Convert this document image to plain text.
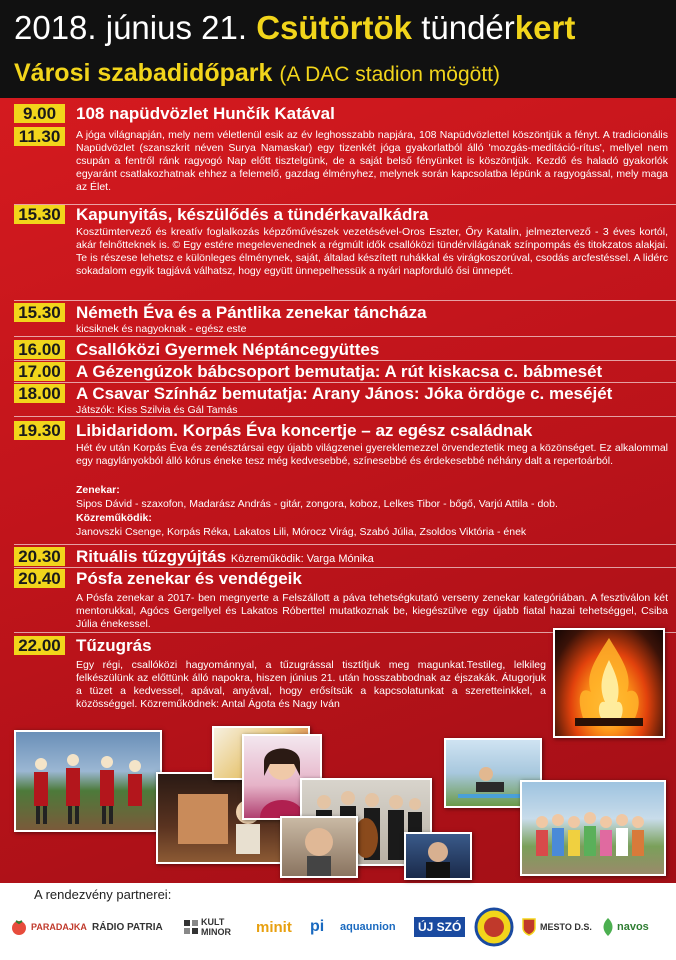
2018. június 21. Csütörtök tündérkert
Városi szabadidőpark (A DAC stadion mögött)
9.00	108 napüdvözlet Hunčík Katával
11.30	A jóga világnapján, mely nem véletlenül esik az év leghosszabb napjára, 108 Napüdvözlettel köszöntjük a fényt. A tradicionális Napüdvözlet (szanszkrit néven Surya Namaskar) egy tizenkét jóga gyakorlatból álló 'mozgás-meditáció-rítus', mellyel nem csupán a fentről ránk ragyogó Nap előtt tisztelgünk, de a saját belső fényünket is köszöntjük. Kezdő és haladó gyakorlók egyaránt csatlakozhatnak ehhez a felemelő, gazdag élményhez, melynek során kapcsolatba lépünk a ragyogással, mely maga az Élet.
15.30 Kapunyitás, készülődés a tündérkavalkádra
Kosztümtervező és kreatív foglalkozás képzőművészek vezetésével-Oros Eszter, Őry Katalin, jelmeztervező - 3 éves kortól, akár felnőtteknek is. © Egy estére megelevenednek a régmúlt idők csallóközi tündérvilágának színpompás és titokzatos alakjai. Te is részese lehetsz e különleges élménynek, saját, általad készített ruhákkal és virágkoszorúval, csodás arcfestéssel. A lidérc sokadalom egyik tagjává válhatsz, hogy együtt ünnepelhessük a nyári napforduló ősi ünnepét.
15.30 Németh Éva és a Pántlika zenekar táncháza
kicsiknek és nagyoknak - egész este
16.00 Csallóközi Gyermek Néptáncegyüttes
17.00 A Gézengúzok bábcsoport bemutatja: A rút kiskacsa c. bábmesét
18.00 A Csavar Színház bemutatja: Arany János: Jóka ördöge c. meséjét
Játszók: Kiss Szilvia és Gál Tamás
19.30 Libidaridom. Korpás Éva koncertje – az egész családnak
Hét év után Korpás Éva és zenésztársai egy újabb világzenei gyereklemezzel örvendeztetik meg a közönséget. Ez alkalommal egy nagylányokból álló kórus éneke tesz még kedvesebbé, színesebbé és érdekesebbé néhány dalt a repertoárból.
Zenekar:
Sipos Dávid - szaxofon, Madarász András - gitár, zongora, koboz, Lelkes Tibor - bőgő, Varjú Attila - dob.
Közreműködik:
Janovszki Csenge, Korpás Réka, Lakatos Lili, Mórocz Virág, Szabó Júlia, Zsoldos Viktória - ének
20.30 Rituális tűzgyújtás Közreműködik: Varga Mónika
20.40 Pósfa zenekar és vendégeik
A Pósfa zenekar a 2017- ben megnyerte a Felszállott a páva tehetségkutató verseny zenekar kategóriában. A fesztiválon két mentorukkal, Agócs Gergellyel és Lakatos Róberttel mutatkoznak be, kiegészülve egy újabb fiatal hazai tehetséggel, Csiba Júlia énekessel.
22.00 Tűzugrás
Egy régi, csallóközi hagyománnyal, a tűzugrással tisztítjuk meg magunkat.Testileg, lelkileg felkészülünk az előttünk álló napokra, hiszen június 21. után hosszabbodnak az éjszakák. Átugorjuk a tüzet a kedvessel, apával, anyával, hogy erősítsük a kapcsolatunkat a szeretteinkkel, a közösséggel. Közreműködnek: Antal Ágota és Nagy Iván
A rendezvény partnerei:
PARADAJKA RÁDIO PATRIA	KULT MINOR	minit pi aquaunion	ÚJ SZÓ	MESTO D.S. navos
